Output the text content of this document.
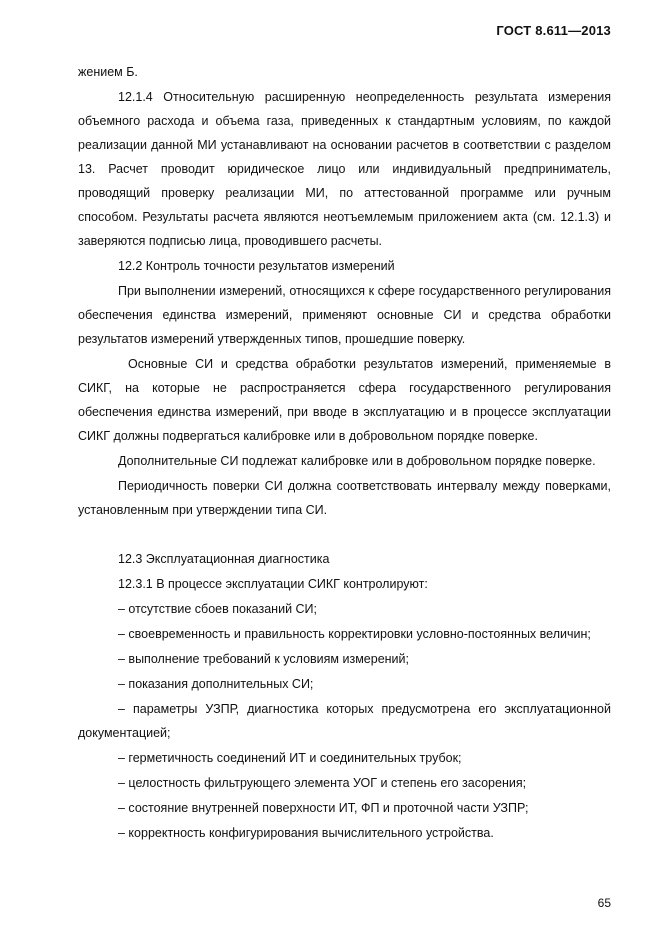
ГОСТ 8.611—2013

жением Б.

12.1.4 Относительную расширенную неопределенность результата измерения объемного расхода и объема газа, приведенных к стандартным условиям, по каждой реализации данной МИ устанавливают на основании расчетов в соответствии с разделом 13. Расчет проводит юридическое лицо или индивидуальный предприниматель, проводящий проверку реализации МИ, по аттестованной программе или ручным способом. Результаты расчета являются неотъемлемым приложением акта (см. 12.1.3) и заверяются подписью лица, проводившего расчеты.

12.2 Контроль точности результатов измерений

При выполнении измерений, относящихся к сфере государственного регулирования обеспечения единства измерений, применяют основные СИ и средства обработки результатов измерений утвержденных типов, прошедшие поверку.

Основные СИ и средства обработки результатов измерений, применяемые в СИКГ, на которые не распространяется сфера государственного регулирования обеспечения единства измерений, при вводе в эксплуатацию и в процессе эксплуатации СИКГ должны подвергаться калибровке или в добровольном порядке поверке.

Дополнительные СИ подлежат калибровке или в добровольном порядке поверке.

Периодичность поверки СИ должна соответствовать интервалу между поверками, установленным при утверждении типа СИ.

12.3 Эксплуатационная диагностика

12.3.1 В процессе эксплуатации СИКГ контролируют:

– отсутствие сбоев показаний СИ;

– своевременность и правильность корректировки условно-постоянных величин;

– выполнение требований к условиям измерений;

– показания дополнительных СИ;

– параметры УЗПР, диагностика которых предусмотрена его эксплуатационной документацией;

– герметичность соединений ИТ и соединительных трубок;

– целостность фильтрующего элемента УОГ и степень его засорения;

– состояние внутренней поверхности ИТ, ФП и проточной части УЗПР;

– корректность конфигурирования вычислительного устройства.

65
